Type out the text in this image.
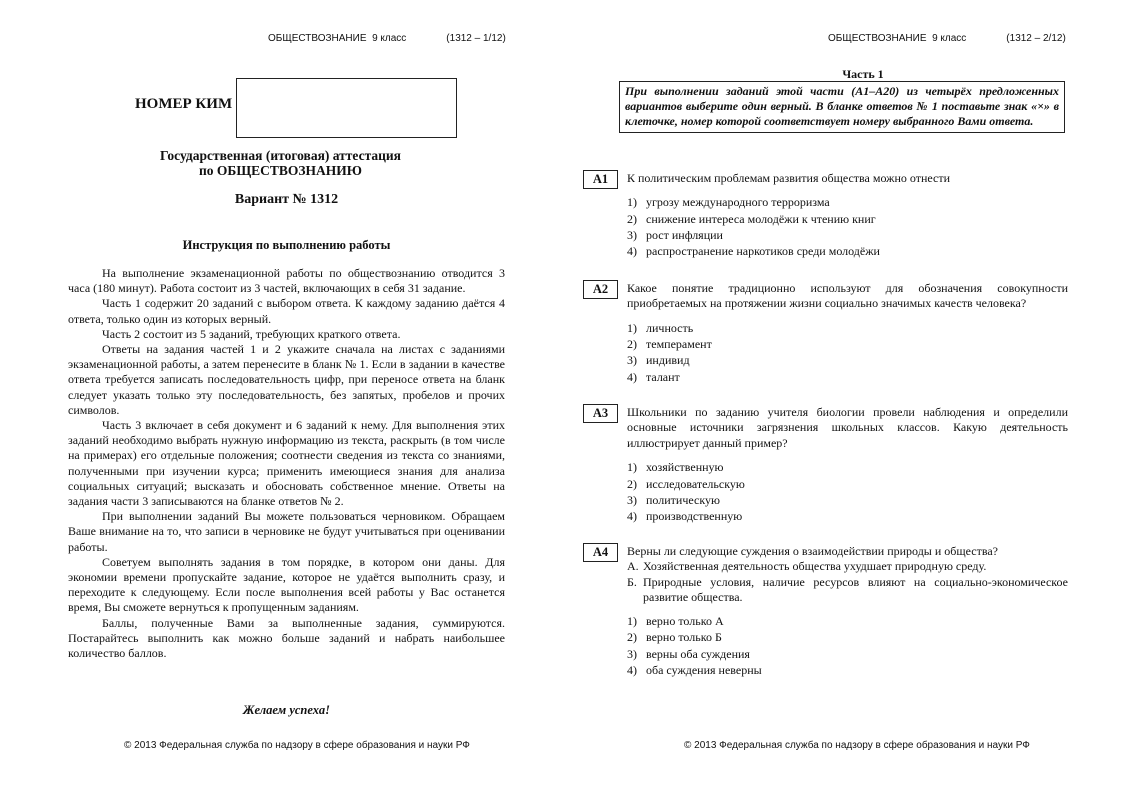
ОБЩЕСТВОЗНАНИЕ  9 класс	(1312 – 1/12)
НОМЕР КИМ
Государственная (итоговая) аттестация
по ОБЩЕСТВОЗНАНИЮ
Вариант № 1312
Инструкция по выполнению работы

На выполнение экзаменационной работы по обществознанию отводится 3 часа (180 минут). Работа состоит из 3 частей, включающих в себя 31 задание.

Часть 1 содержит 20 заданий с выбором ответа. К каждому заданию даётся 4 ответа, только один из которых верный.

Часть 2 состоит из 5 заданий, требующих краткого ответа.

Ответы на задания частей 1 и 2 укажите сначала на листах с заданиями экзаменационной работы, а затем перенесите в бланк № 1. Если в задании в качестве ответа требуется записать последовательность цифр, при переносе ответа на бланк следует указать только эту последовательность, без запятых, пробелов и прочих символов.

Часть 3 включает в себя документ и 6 заданий к нему. Для выполнения этих заданий необходимо выбрать нужную информацию из текста, раскрыть (в том числе на примерах) его отдельные положения; соотнести сведения из текста со знаниями, полученными при изучении курса; применить имеющиеся знания для анализа социальных ситуаций; высказать и обосновать собственное мнение. Ответы на задания части 3 записываются на бланке ответов № 2.

При выполнении заданий Вы можете пользоваться черновиком. Обращаем Ваше внимание на то, что записи в черновике не будут учитываться при оценивании работы.

Советуем выполнять задания в том порядке, в котором они даны. Для экономии времени пропускайте задание, которое не удаётся выполнить сразу, и переходите к следующему. Если после выполнения всей работы у Вас останется время, Вы сможете вернуться к пропущенным заданиям.

Баллы, полученные Вами за выполненные задания, суммируются. Постарайтесь выполнить как можно больше заданий и набрать наибольшее количество баллов.

Желаем успеха!
© 2013 Федеральная служба по надзору в сфере образования и науки РФ
ОБЩЕСТВОЗНАНИЕ  9 класс	(1312 – 2/12)
Часть 1
При выполнении заданий этой части (А1–А20) из четырёх предложенных вариантов выберите один верный. В бланке ответов № 1 поставьте знак «×» в клеточке, номер которой соответствует номеру выбранного Вами ответа.
А1	К политическим проблемам развития общества можно отнести
1) угрозу международного терроризма
2) снижение интереса молодёжи к чтению книг
3) рост инфляции
4) распространение наркотиков среди молодёжи
А2	Какое понятие традиционно используют для обозначения совокупности приобретаемых на протяжении жизни социально значимых качеств человека?
1) личность
2) темперамент
3) индивид
4) талант
А3	Школьники по заданию учителя биологии провели наблюдения и определили основные источники загрязнения школьных классов. Какую деятельность иллюстрирует данный пример?
1) хозяйственную
2) исследовательскую
3) политическую
4) производственную
А4	Верны ли следующие суждения о взаимодействии природы и общества?
А. Хозяйственная деятельность общества ухудшает природную среду.
Б. Природные условия, наличие ресурсов влияют на социально-экономическое развитие общества.
1) верно только А
2) верно только Б
3) верны оба суждения
4) оба суждения неверны
© 2013 Федеральная служба по надзору в сфере образования и науки РФ
